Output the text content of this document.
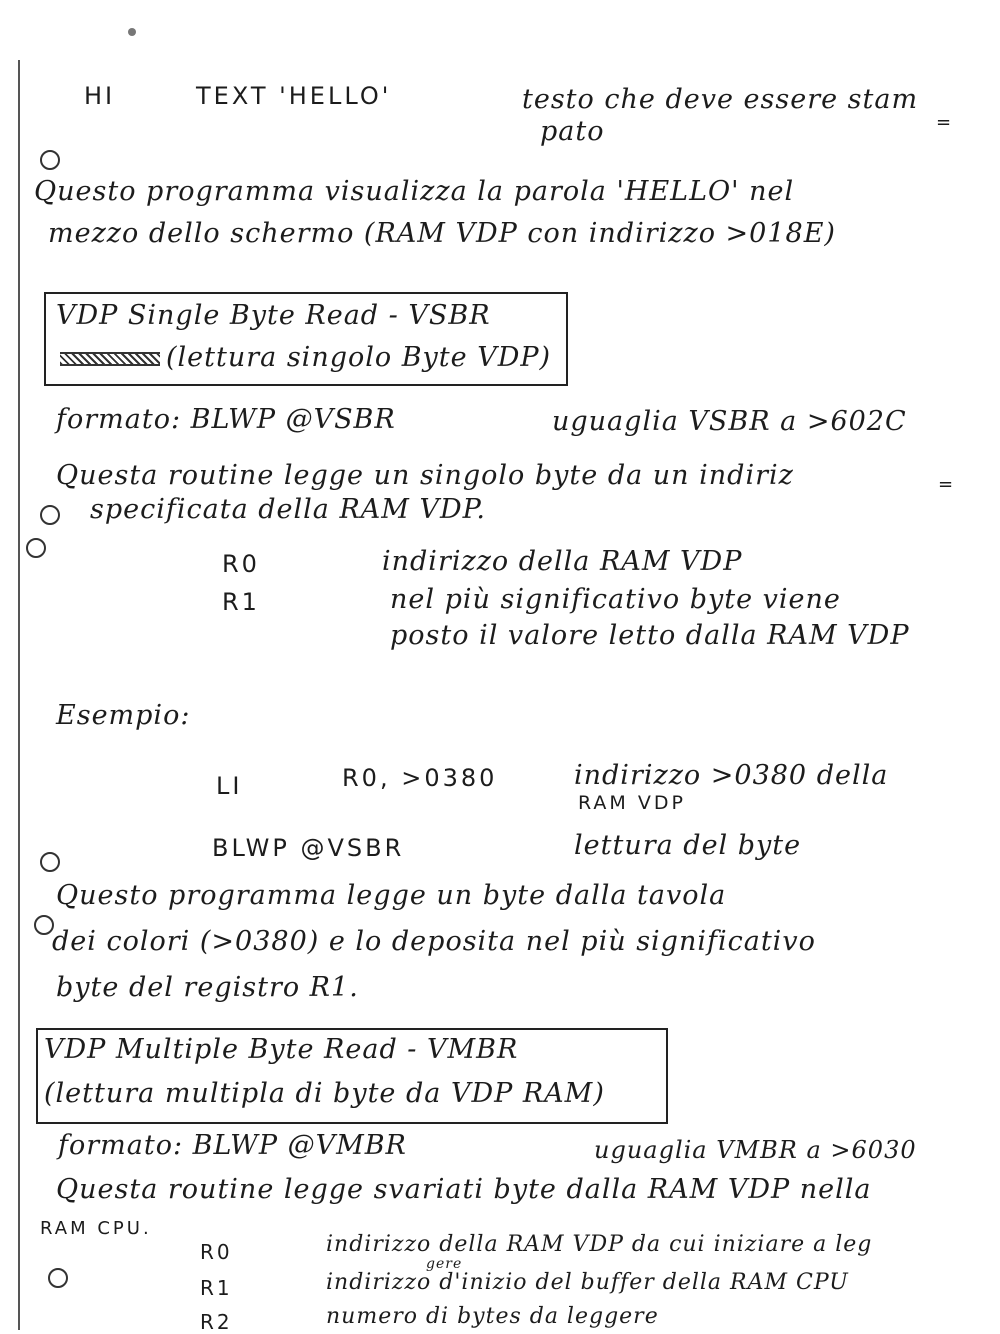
HI	TEXT 'HELLO'	testo che deve essere stam
pato	=
Questo programma visualizza la parola 'HELLO' nel
mezzo dello schermo (RAM VDP con indirizzo >018E)
VDP Single Byte Read - VSBR
(lettura singolo Byte VDP)
formato: BLWP @VSBR	uguaglia VSBR a >602C
Questa routine legge un singolo byte da un indiriz
specificata della RAM VDP.
=
R0	indirizzo della RAM VDP
R1	nel più significativo byte viene
posto il valore letto dalla RAM VDP
Esempio:
LI	R0, >0380	indirizzo >0380 della
RAM VDP
BLWP @VSBR	lettura del byte
Questo programma legge un byte dalla tavola
dei colori (>0380) e lo deposita nel più significativo
byte del registro R1.
VDP Multiple Byte Read - VMBR
(lettura multipla di byte da VDP RAM)
formato: BLWP @VMBR	uguaglia VMBR a >6030
Questa routine legge svariati byte dalla RAM VDP nella
RAM CPU.
R0	indirizzo della RAM VDP da cui iniziare a leg
gere
R1	indirizzo d'inizio del buffer della RAM CPU
R2	numero di bytes da leggere
